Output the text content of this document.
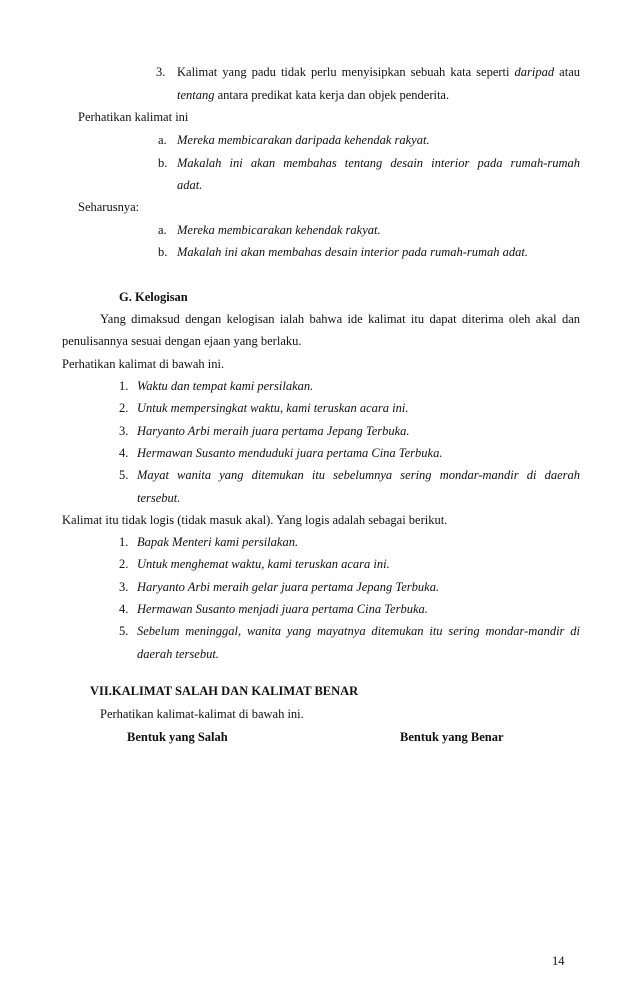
3. Kalimat yang padu tidak perlu menyisipkan sebuah kata seperti daripad atau
tentang antara predikat kata kerja dan objek penderita.
Perhatikan kalimat ini
a. Mereka membicarakan daripada kehendak rakyat.
b. Makalah ini akan membahas tentang desain interior pada rumah-rumah
adat.
Seharusnya:
a. Mereka membicarakan kehendak rakyat.
b. Makalah ini akan membahas desain interior pada rumah-rumah adat.
G. Kelogisan
Yang dimaksud dengan kelogisan ialah bahwa ide kalimat itu dapat diterima oleh akal dan
penulisannya sesuai dengan ejaan yang berlaku.
Perhatikan kalimat di bawah ini.
1. Waktu dan tempat kami persilakan.
2. Untuk mempersingkat waktu, kami teruskan acara ini.
3. Haryanto Arbi meraih juara pertama Jepang Terbuka.
4. Hermawan Susanto menduduki juara pertama Cina Terbuka.
5. Mayat wanita yang ditemukan itu sebelumnya sering mondar-mandir di daerah
tersebut.
Kalimat itu tidak logis (tidak masuk akal). Yang logis adalah sebagai berikut.
1. Bapak Menteri kami persilakan.
2. Untuk menghemat waktu, kami teruskan acara ini.
3. Haryanto Arbi meraih gelar juara pertama Jepang Terbuka.
4. Hermawan Susanto menjadi juara pertama Cina Terbuka.
5. Sebelum meninggal, wanita yang mayatnya ditemukan itu sering mondar-mandir di
daerah tersebut.
VII.KALIMAT SALAH DAN KALIMAT BENAR
Perhatikan kalimat-kalimat di bawah ini.
Bentuk yang Salah	Bentuk yang Benar
14
